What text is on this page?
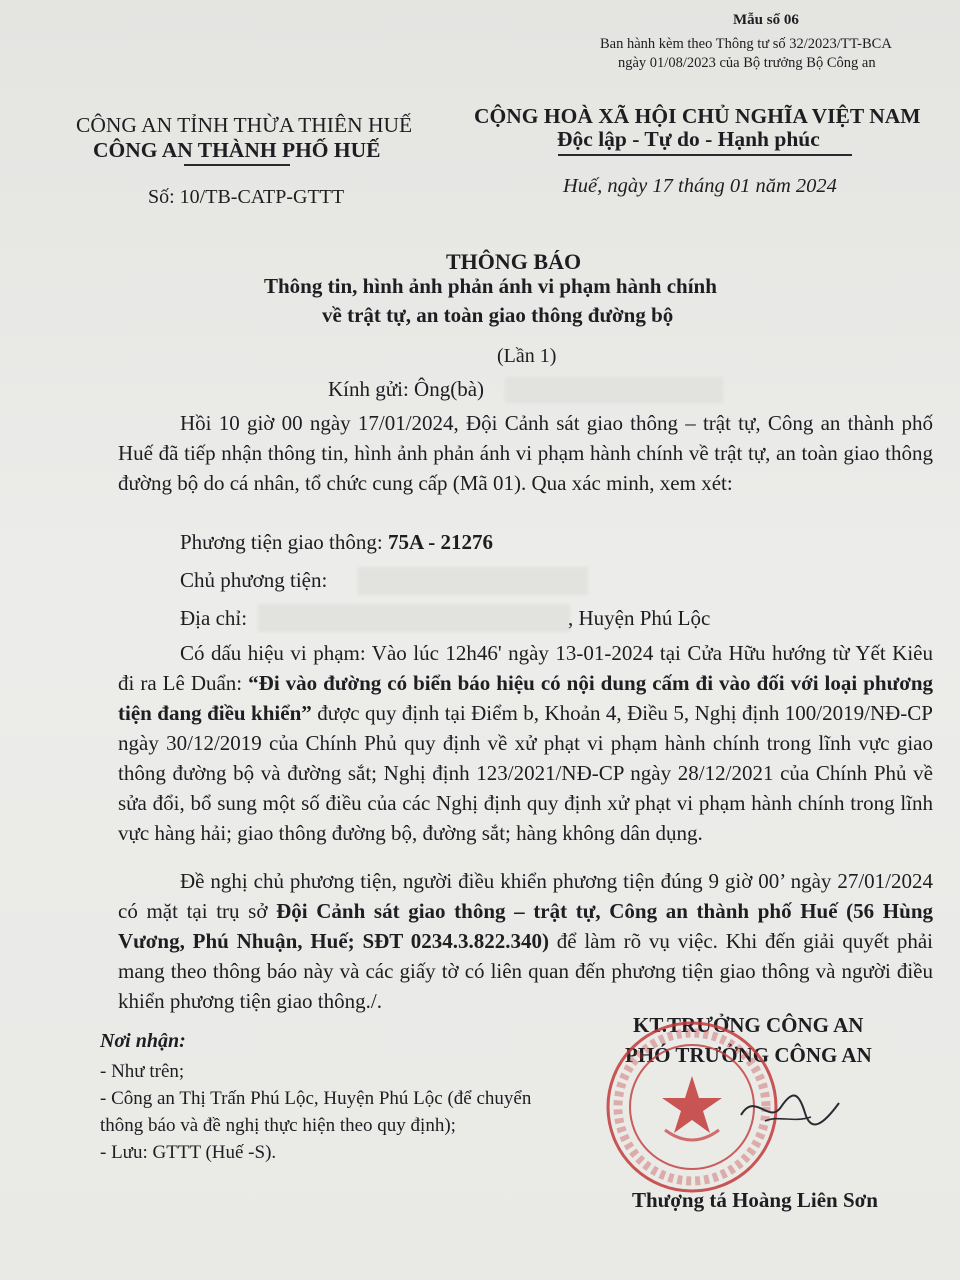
Mẫu số 06
Ban hành kèm theo Thông tư số 32/2023/TT-BCA
ngày 01/08/2023 của Bộ trưởng Bộ Công an
CÔNG AN TỈNH THỪA THIÊN HUẾ
CÔNG AN THÀNH PHỐ HUẾ
Số: 10/TB-CATP-GTTT
CỘNG HOÀ XÃ HỘI CHỦ NGHĨA VIỆT NAM
Độc lập - Tự do - Hạnh phúc
Huế, ngày 17 tháng 01 năm 2024
THÔNG BÁO
Thông tin, hình ảnh phản ánh vi phạm hành chính
về trật tự, an toàn giao thông đường bộ
(Lần 1)
Kính gửi: Ông(bà)

Hồi 10 giờ 00 ngày 17/01/2024, Đội Cảnh sát giao thông – trật tự, Công an thành phố Huế đã tiếp nhận thông tin, hình ảnh phản ánh vi phạm hành chính về trật tự, an toàn giao thông đường bộ do cá nhân, tổ chức cung cấp (Mã 01). Qua xác minh, xem xét:

Phương tiện giao thông: 75A - 21276
Chủ phương tiện:
Địa chỉ:	, Huyện Phú Lộc

Có dấu hiệu vi phạm: Vào lúc 12h46' ngày 13-01-2024 tại Cửa Hữu hướng từ Yết Kiêu đi ra Lê Duẩn: “Đi vào đường có biển báo hiệu có nội dung cấm đi vào đối với loại phương tiện đang điều khiển” được quy định tại Điểm b, Khoản 4, Điều 5, Nghị định 100/2019/NĐ-CP ngày 30/12/2019 của Chính Phủ quy định về xử phạt vi phạm hành chính trong lĩnh vực giao thông đường bộ và đường sắt; Nghị định 123/2021/NĐ-CP ngày 28/12/2021 của Chính Phủ về sửa đổi, bổ sung một số điều của các Nghị định quy định xử phạt vi phạm hành chính trong lĩnh vực hàng hải; giao thông đường bộ, đường sắt; hàng không dân dụng.

Đề nghị chủ phương tiện, người điều khiển phương tiện đúng 9 giờ 00’ ngày 27/01/2024 có mặt tại trụ sở Đội Cảnh sát giao thông – trật tự, Công an thành phố Huế (56 Hùng Vương, Phú Nhuận, Huế; SĐT 0234.3.822.340) để làm rõ vụ việc. Khi đến giải quyết phải mang theo thông báo này và các giấy tờ có liên quan đến phương tiện giao thông và người điều khiển phương tiện giao thông./.

Nơi nhận:
- Như trên;
- Công an Thị Trấn Phú Lộc, Huyện Phú Lộc (để chuyển thông báo và đề nghị thực hiện theo quy định);
- Lưu: GTTT (Huế -S).
KT.TRƯỞNG CÔNG AN
PHÓ TRƯỞNG CÔNG AN
Thượng tá Hoàng Liên Sơn
